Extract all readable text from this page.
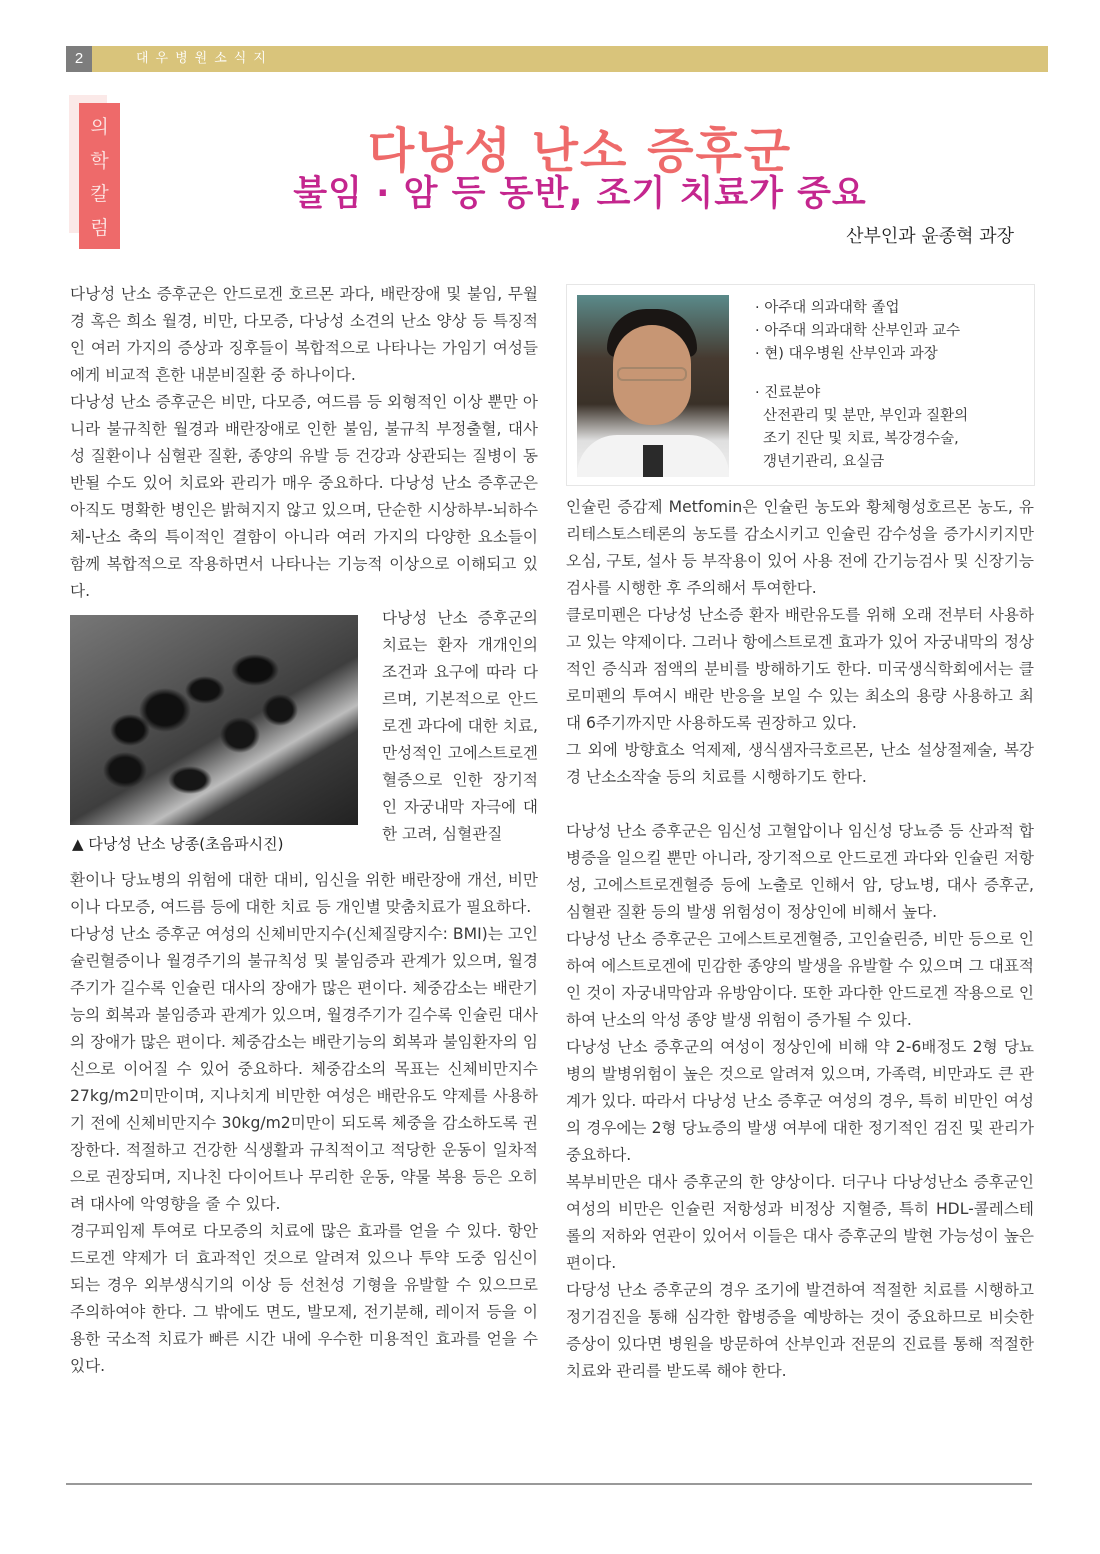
2	대우병원소식지
의
학
칼
럼
다낭성 난소 증후군
불임 · 암 등 동반, 조기 치료가 중요
산부인과 윤종혁 과장

다낭성 난소 증후군은 안드로겐 호르몬 과다, 배란장애 및 불임, 무월경 혹은 희소 월경, 비만, 다모증, 다낭성 소견의 난소 양상 등 특징적인 여러 가지의 증상과 징후들이 복합적으로 나타나는 가임기 여성들에게 비교적 흔한 내분비질환 중 하나이다.

다낭성 난소 증후군은 비만, 다모증, 여드름 등 외형적인 이상 뿐만 아니라 불규칙한 월경과 배란장애로 인한 불임, 불규칙 부정출혈, 대사성 질환이나 심혈관 질환, 종양의 유발 등 건강과 상관되는 질병이 동반될 수도 있어 치료와 관리가 매우 중요하다. 다낭성 난소 증후군은 아직도 명확한 병인은 밝혀지지 않고 있으며, 단순한 시상하부-뇌하수체-난소 축의 특이적인 결함이 아니라 여러 가지의 다양한 요소들이 함께 복합적으로 작용하면서 나타나는 기능적 이상으로 이해되고 있다.

▲ 다낭성 난소 낭종(초음파시진)

다낭성 난소 증후군의 치료는 환자 개개인의 조건과 요구에 따라 다르며, 기본적으로 안드로겐 과다에 대한 치료, 만성적인 고에스트로겐혈증으로 인한 장기적인 자궁내막 자극에 대한 고려, 심혈관질

환이나 당뇨병의 위험에 대한 대비, 임신을 위한 배란장애 개선, 비만이나 다모증, 여드름 등에 대한 치료 등 개인별 맞춤치료가 필요하다.

다낭성 난소 증후군 여성의 신체비만지수(신체질량지수: BMI)는 고인슐린혈증이나 월경주기의 불규칙성 및 불임증과 관계가 있으며, 월경주기가 길수록 인슐린 대사의 장애가 많은 편이다. 체중감소는 배란기능의 회복과 불임증과 관계가 있으며, 월경주기가 길수록 인슐린 대사의 장애가 많은 편이다. 체중감소는 배란기능의 회복과 불임환자의 임신으로 이어질 수 있어 중요하다. 체중감소의 목표는 신체비만지수 27kg/m2미만이며, 지나치게 비만한 여성은 배란유도 약제를 사용하기 전에 신체비만지수 30kg/m2미만이 되도록 체중을 감소하도록 권장한다. 적절하고 건강한 식생활과 규칙적이고 적당한 운동이 일차적으로 권장되며, 지나친 다이어트나 무리한 운동, 약물 복용 등은 오히려 대사에 악영향을 줄 수 있다.

경구피임제 투여로 다모증의 치료에 많은 효과를 얻을 수 있다. 항안드로겐 약제가 더 효과적인 것으로 알려져 있으나 투약 도중 임신이 되는 경우 외부생식기의 이상 등 선천성 기형을 유발할 수 있으므로 주의하여야 한다. 그 밖에도 면도, 발모제, 전기분해, 레이저 등을 이용한 국소적 치료가 빠른 시간 내에 우수한 미용적인 효과를 얻을 수 있다.

· 아주대 의과대학 졸업
· 아주대 의과대학 산부인과 교수
· 현) 대우병원 산부인과 과장
· 진료분야
산전관리 및 분만, 부인과 질환의
조기 진단 및 치료, 복강경수술,
갱년기관리, 요실금

인슐린 증감제 Metfomin은 인슐린 농도와 황체형성호르몬 농도, 유리테스토스테론의 농도를 감소시키고 인슐린 감수성을 증가시키지만 오심, 구토, 설사 등 부작용이 있어 사용 전에 간기능검사 및 신장기능 검사를 시행한 후 주의해서 투여한다.

클로미펜은 다낭성 난소증 환자 배란유도를 위해 오래 전부터 사용하고 있는 약제이다. 그러나 항에스트로겐 효과가 있어 자궁내막의 정상적인 증식과 점액의 분비를 방해하기도 한다. 미국생식학회에서는 클로미펜의 투여시 배란 반응을 보일 수 있는 최소의 용량 사용하고 최대 6주기까지만 사용하도록 권장하고 있다.

그 외에 방향효소 억제제, 생식샘자극호르몬, 난소 설상절제술, 복강경 난소소작술 등의 치료를 시행하기도 한다.

다낭성 난소 증후군은 임신성 고혈압이나 임신성 당뇨증 등 산과적 합병증을 일으킬 뿐만 아니라, 장기적으로 안드로겐 과다와 인슐린 저항성, 고에스트로겐혈증 등에 노출로 인해서 암, 당뇨병, 대사 증후군, 심혈관 질환 등의 발생 위험성이 정상인에 비해서 높다.

다낭성 난소 증후군은 고에스트로겐혈증, 고인슐린증, 비만 등으로 인하여 에스트로겐에 민감한 종양의 발생을 유발할 수 있으며 그 대표적인 것이 자궁내막암과 유방암이다. 또한 과다한 안드로겐 작용으로 인하여 난소의 악성 종양 발생 위험이 증가될 수 있다.

다낭성 난소 증후군의 여성이 정상인에 비해 약 2-6배정도 2형 당뇨병의 발병위험이 높은 것으로 알려져 있으며, 가족력, 비만과도 큰 관계가 있다. 따라서 다낭성 난소 증후군 여성의 경우, 특히 비만인 여성의 경우에는 2형 당뇨증의 발생 여부에 대한 정기적인 검진 및 관리가 중요하다.

복부비만은 대사 증후군의 한 양상이다. 더구나 다낭성난소 증후군인 여성의 비만은 인슐린 저항성과 비정상 지혈증, 특히 HDL-콜레스테롤의 저하와 연관이 있어서 이들은 대사 증후군의 발현 가능성이 높은 편이다.

다당성 난소 증후군의 경우 조기에 발견하여 적절한 치료를 시행하고 정기검진을 통해 심각한 합병증을 예방하는 것이 중요하므로 비슷한 증상이 있다면 병원을 방문하여 산부인과 전문의 진료를 통해 적절한 치료와 관리를 받도록 해야 한다.
